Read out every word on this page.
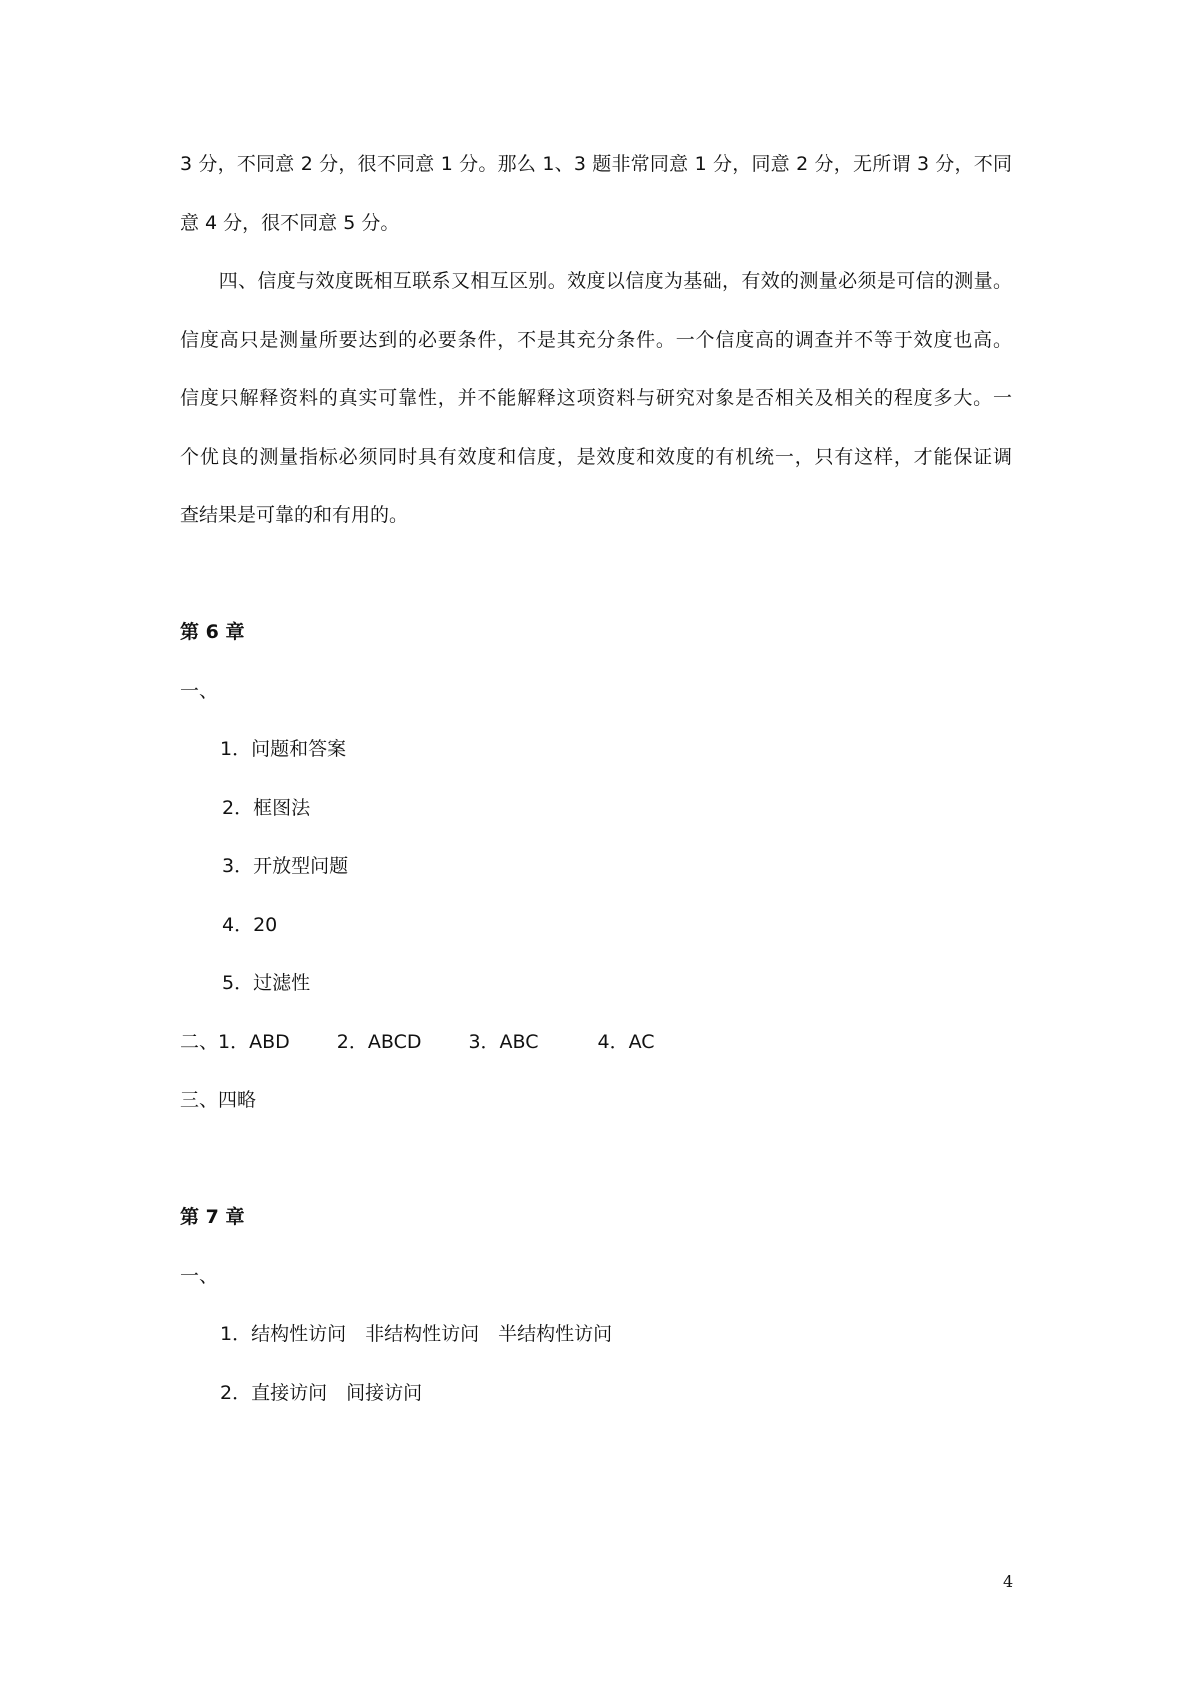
3 分，不同意 2 分，很不同意 1 分。那么 1、3 题非常同意 1 分，同意 2 分，无所谓 3 分，不同
意 4 分，很不同意 5 分。
　　四、信度与效度既相互联系又相互区别。效度以信度为基础，有效的测量必须是可信的测量。
信度高只是测量所要达到的必要条件，不是其充分条件。一个信度高的调查并不等于效度也高。
信度只解释资料的真实可靠性，并不能解释这项资料与研究对象是否相关及相关的程度多大。一
个优良的测量指标必须同时具有效度和信度，是效度和效度的有机统一，只有这样，才能保证调
查结果是可靠的和有用的。
第 6 章
一、
1．问题和答案
2．框图法
3．开放型问题
4．20
5．过滤性
二、1．ABD 2．ABCD 3．ABC	4．AC
三、四略
第 7 章
一、
1．结构性访问　非结构性访问　半结构性访问
2．直接访问　间接访问
4
